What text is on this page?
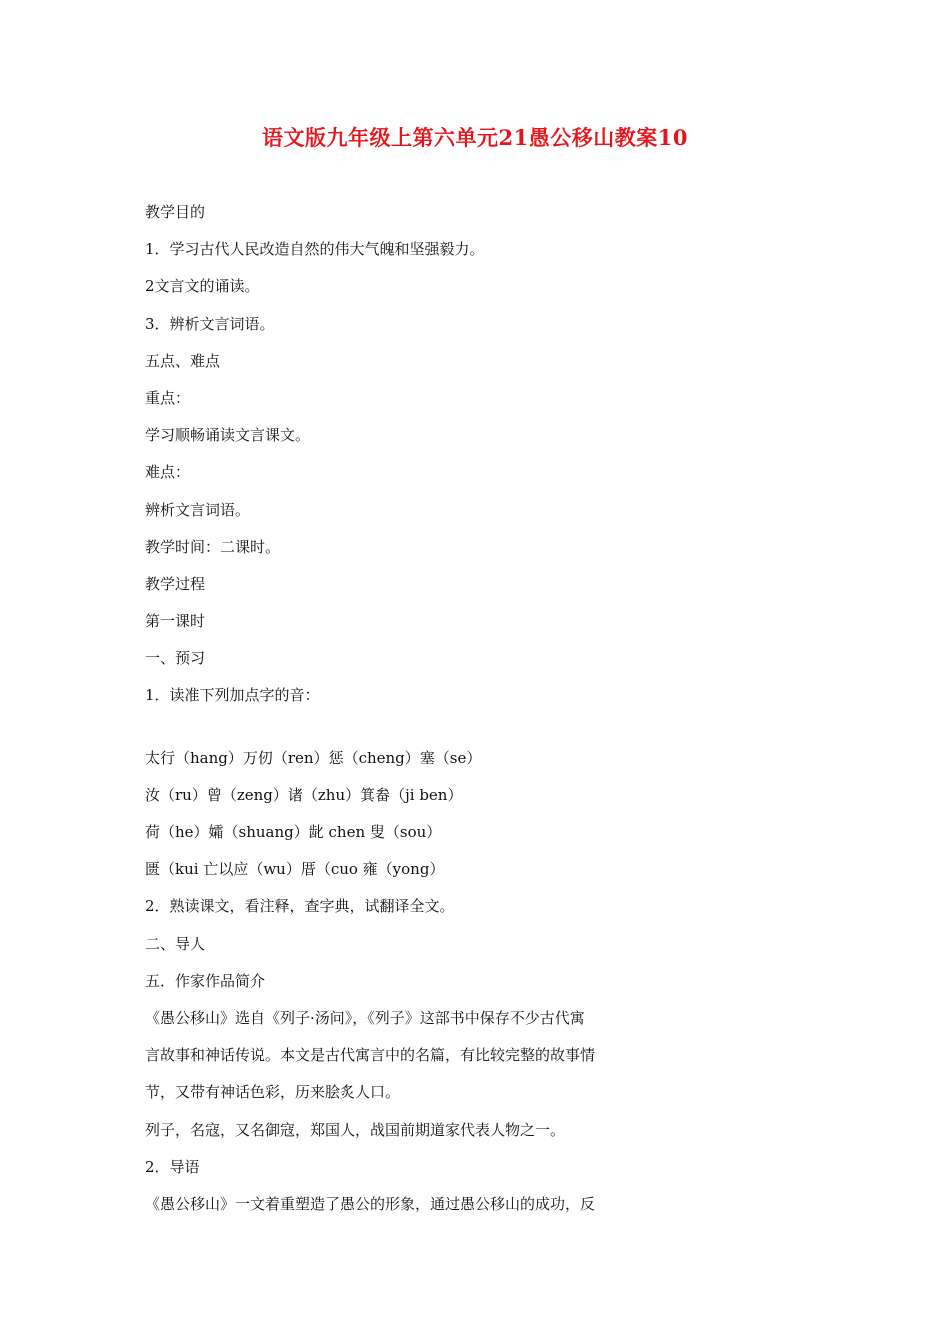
语文版九年级上第六单元21愚公移山教案10
教学目的
1．学习古代人民改造自然的伟大气魄和坚强毅力。
2文言文的诵读。
3．辨析文言词语。
五点、难点
重点：
学习顺畅诵读文言课文。
难点：
辨析文言词语。
教学时间：二课时。
教学过程
第一课时
一、预习
1．读准下列加点字的音：
太行（hang）万仞（ren）惩（cheng）塞（se）
汝（ru）曾（zeng）诸（zhu）箕畚（ji ben）
荷（he）孀（shuang）龀 chen 叟（sou）
匮（kui 亡以应（wu）厝（cuo 雍（yong）
2．熟读课文，看注释，查字典，试翻译全文。
二、导人
五．作家作品简介
《愚公移山》选自《列子·汤问》，《列子》这部书中保存不少古代寓
言故事和神话传说。本文是古代寓言中的名篇，有比较完整的故事情
节，又带有神话色彩，历来脍炙人口。
列子，名寇，又名御寇，郑国人，战国前期道家代表人物之一。
2．导语
《愚公移山》一文着重塑造了愚公的形象，通过愚公移山的成功，反
